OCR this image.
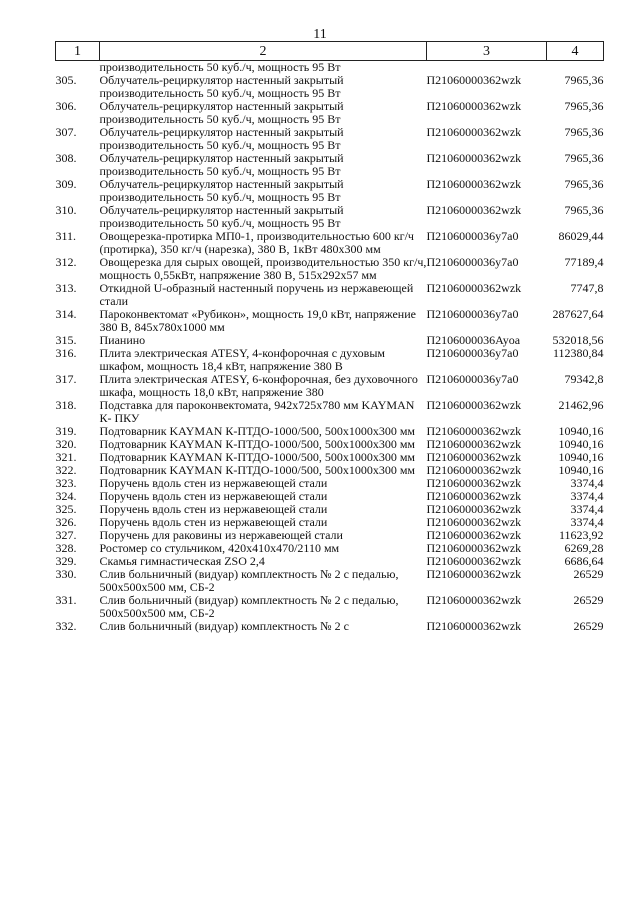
11
1	2	3	4
	производительность 50 куб./ч, мощность 95 Вт		
305.	Облучатель-рециркулятор настенный закрытый производительность 50 куб./ч, мощность 95 Вт	П21060000362wzk	7965,36
306.	Облучатель-рециркулятор настенный закрытый производительность 50 куб./ч, мощность 95 Вт	П21060000362wzk	7965,36
307.	Облучатель-рециркулятор настенный закрытый производительность 50 куб./ч, мощность 95 Вт	П21060000362wzk	7965,36
308.	Облучатель-рециркулятор настенный закрытый производительность 50 куб./ч, мощность 95 Вт	П21060000362wzk	7965,36
309.	Облучатель-рециркулятор настенный закрытый производительность 50 куб./ч, мощность 95 Вт	П21060000362wzk	7965,36
310.	Облучатель-рециркулятор настенный закрытый производительность 50 куб./ч, мощность 95 Вт	П21060000362wzk	7965,36
311.	Овощерезка-протирка МП0-1, производительностью 600 кг/ч (протирка), 350 кг/ч (нарезка), 380 В, 1кВт 480х300 мм	П2106000036у7а0	86029,44
312.	Овощерезка для сырых овощей, производительностью 350 кг/ч, мощность 0,55кВт, напряжение 380 В, 515х292х57 мм	П2106000036у7а0	77189,4
313.	Откидной U-образный настенный поручень из нержавеющей стали	П21060000362wzk	7747,8
314.	Пароконвектомат «Рубикон», мощность 19,0 кВт, напряжение 380 В, 845х780х1000 мм	П2106000036у7а0	287627,64
315.	Пианино	П2106000036Ayoa	532018,56
316.	Плита электрическая ATESY, 4-конфорочная с духовым шкафом, мощность 18,4 кВт, напряжение 380 В	П2106000036у7а0	112380,84
317.	Плита электрическая ATESY, 6-конфорочная, без духовочного шкафа, мощность 18,0 кВт, напряжение 380	П2106000036у7а0	79342,8
318.	Подставка для пароконвектомата, 942х725х780 мм KAYMAN К- ПКУ	П21060000362wzk	21462,96
319.	Подтоварник KAYMAN К-ПТДО-1000/500, 500х1000х300 мм	П21060000362wzk	10940,16
320.	Подтоварник KAYMAN К-ПТДО-1000/500, 500х1000х300 мм	П21060000362wzk	10940,16
321.	Подтоварник KAYMAN К-ПТДО-1000/500, 500х1000х300 мм	П21060000362wzk	10940,16
322.	Подтоварник KAYMAN К-ПТДО-1000/500, 500х1000х300 мм	П21060000362wzk	10940,16
323.	Поручень вдоль стен из нержавеющей стали	П21060000362wzk	3374,4
324.	Поручень вдоль стен из нержавеющей стали	П21060000362wzk	3374,4
325.	Поручень вдоль стен из нержавеющей стали	П21060000362wzk	3374,4
326.	Поручень вдоль стен из нержавеющей стали	П21060000362wzk	3374,4
327.	Поручень для раковины из нержавеющей стали	П21060000362wzk	11623,92
328.	Ростомер со стульчиком, 420х410х470/2110 мм	П21060000362wzk	6269,28
329.	Скамья гимнастическая ZSO 2,4	П21060000362wzk	6686,64
330.	Слив больничный (видуар) комплектность № 2 с педалью, 500х500х500 мм, СБ-2	П21060000362wzk	26529
331.	Слив больничный (видуар) комплектность № 2 с педалью, 500х500х500 мм, СБ-2	П21060000362wzk	26529
332.	Слив больничный (видуар) комплектность № 2 с	П21060000362wzk	26529
